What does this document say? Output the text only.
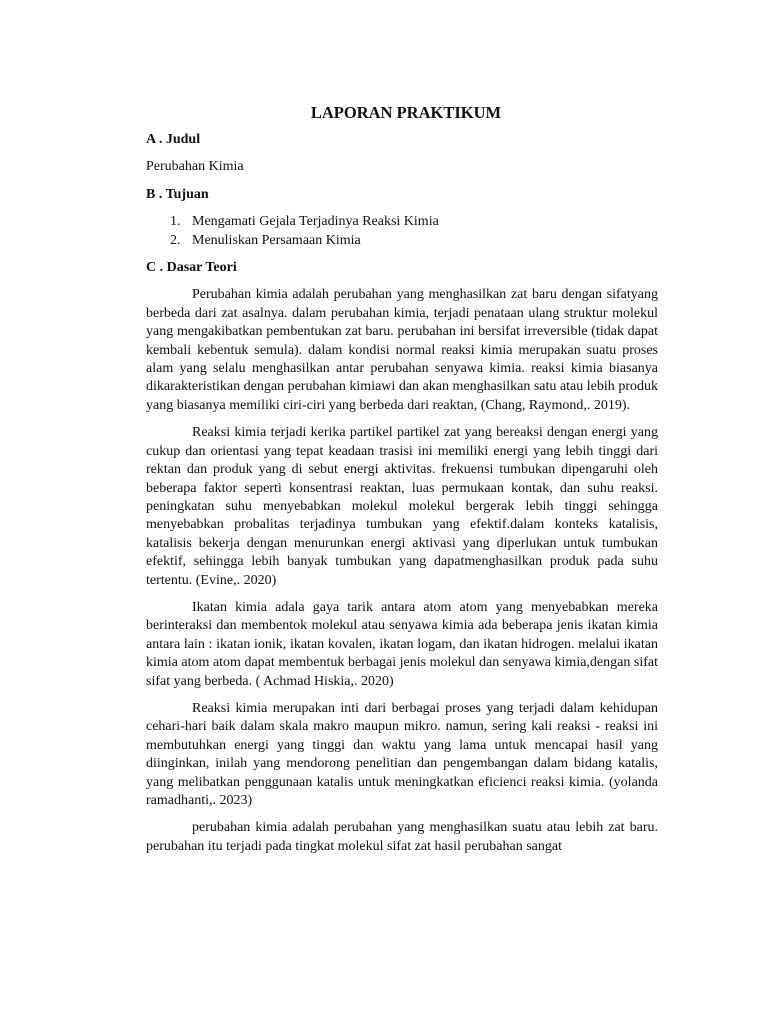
LAPORAN PRAKTIKUM
A . Judul
Perubahan Kimia
B . Tujuan
1. Mengamati Gejala Terjadinya Reaksi Kimia
2. Menuliskan Persamaan Kimia
C . Dasar Teori

Perubahan kimia adalah perubahan yang menghasilkan zat baru dengan sifatyang berbeda dari zat asalnya. dalam perubahan kimia, terjadi penataan ulang struktur molekul yang mengakibatkan pembentukan zat baru. perubahan ini bersifat irreversible (tidak dapat kembali kebentuk semula). dalam kondisi normal reaksi kimia merupakan suatu proses alam yang selalu menghasilkan antar perubahan senyawa kimia. reaksi kimia biasanya dikarakteristikan dengan perubahan kimiawi dan akan menghasilkan satu atau lebih produk yang biasanya memiliki ciri-ciri yang berbeda dari reaktan, (Chang, Raymond,. 2019).

Reaksi kimia terjadi kerika partikel partikel zat yang bereaksi dengan energi yang cukup dan orientasi yang tepat keadaan trasisi ini memiliki energi yang lebih tinggi dari rektan dan produk yang di sebut energi aktivitas. frekuensi tumbukan dipengaruhi oleh beberapa faktor seperti konsentrasi reaktan, luas permukaan kontak, dan suhu reaksi. peningkatan suhu menyebabkan molekul molekul bergerak lebih tinggi sehingga menyebabkan probalitas terjadinya tumbukan yang efektif.dalam konteks katalisis, katalisis bekerja dengan menurunkan energi aktivasi yang diperlukan untuk tumbukan efektif, sehingga lebih banyak tumbukan yang dapatmenghasilkan produk pada suhu tertentu. (Evine,. 2020)

Ikatan kimia adala gaya tarik antara atom atom yang menyebabkan mereka berinteraksi dan membentok molekul atau senyawa kimia ada beberapa jenis ikatan kimia antara lain : ikatan ionik, ikatan kovalen, ikatan logam, dan ikatan hidrogen. melalui ikatan kimia atom atom dapat membentuk berbagai jenis molekul dan senyawa kimia,dengan sifat sifat yang berbeda. ( Achmad Hiskia,. 2020)

Reaksi kimia merupakan inti dari berbagai proses yang terjadi dalam kehidupan cehari-hari baik dalam skala makro maupun mikro. namun, sering kali reaksi - reaksi ini membutuhkan energi yang tinggi dan waktu yang lama untuk mencapai hasil yang diinginkan, inilah yang mendorong penelitian dan pengembangan dalam bidang katalis, yang melibatkan penggunaan katalis untuk meningkatkan eficienci reaksi kimia. (yolanda ramadhanti,. 2023)

perubahan kimia adalah perubahan yang menghasilkan suatu atau lebih zat baru. perubahan itu terjadi pada tingkat molekul sifat zat hasil perubahan sangat
